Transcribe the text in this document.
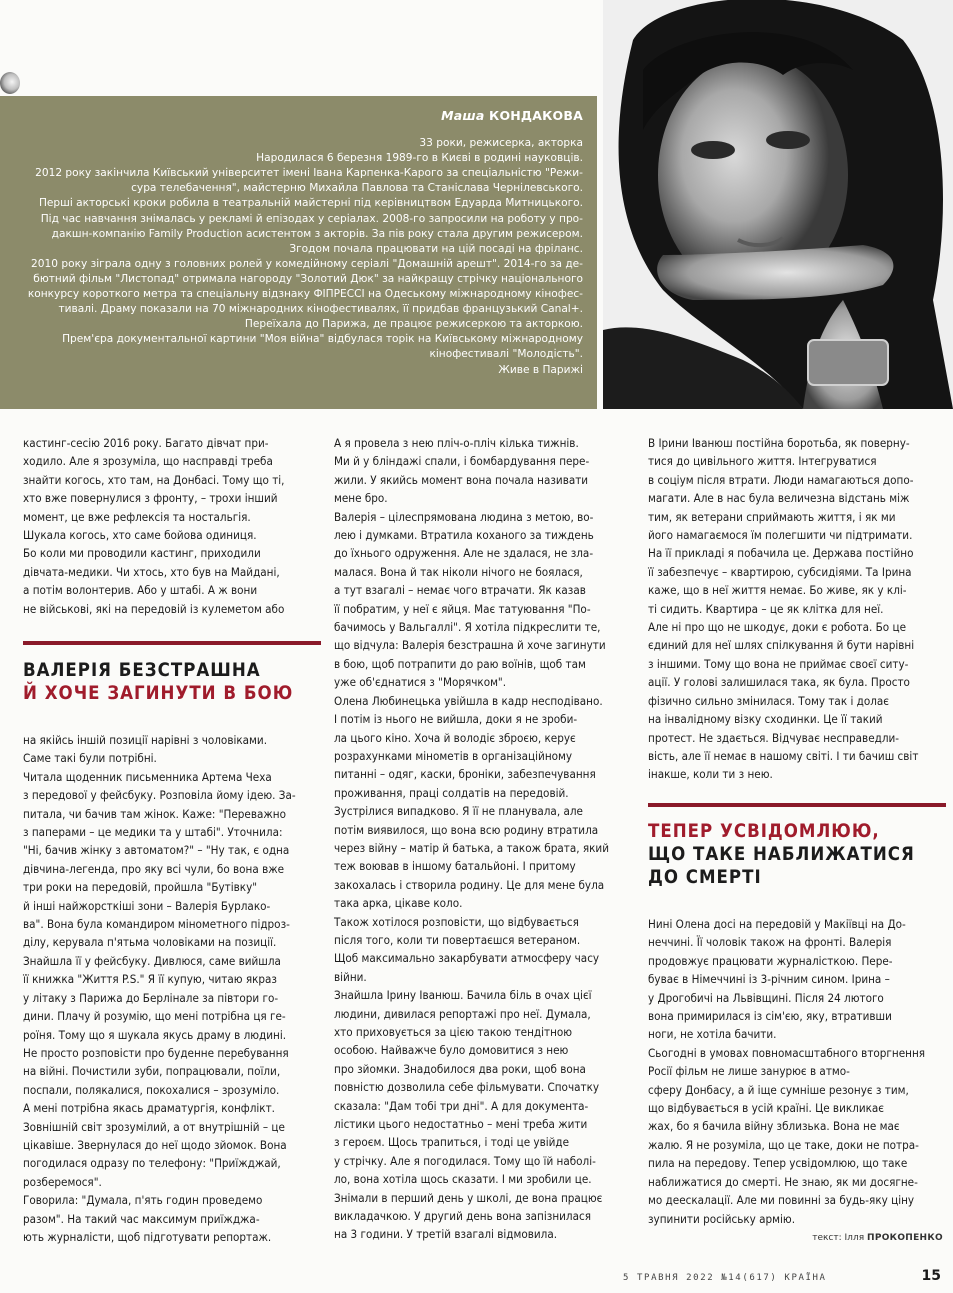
Маша КОНДАКОВА

33 роки, режисерка, акторка

Народилася 6 березня 1989-го в Києві в родині науковців.

2012 року закінчила Київський університет імені Івана Карпенка-Карого за спеціальністю "Режи-

сура телебачення", майстерню Михайла Павлова та Станіслава Чернілевського.

Перші акторські кроки робила в театральній майстерні під керівництвом Едуарда Митницького.

Під час навчання знімалась у рекламі й епізодах у серіалах. 2008-го запросили на роботу у про-

дакшн-компанію Family Production асистентом з акторів. За пів року стала другим режисером.

Згодом почала працювати на цій посаді на фріланс.

2010 року зіграла одну з головних ролей у комедійному серіалі "Домашній арешт". 2014-го за де-

бютний фільм "Листопад" отримала нагороду "Золотий Дюк" за найкращу стрічку національного

конкурсу короткого метра та спеціальну відзнаку ФІПРЕССІ на Одеському міжнародному кінофес-

тивалі. Драму показали на 70 міжнародних кінофестивалях, її придбав французький Canal+.

Переїхала до Парижа, де працює режисеркою та акторкою.

Прем'єра документальної картини "Моя війна" відбулася торік на Київському міжнародному

кінофестивалі "Молодість".

Живе в Парижі

кастинг-сесію 2016 року. Багато дівчат при-

ходило. Але я зрозуміла, що насправді треба

знайти когось, хто там, на Донбасі. Тому що ті,

хто вже повернулися з фронту, – трохи інший

момент, це вже рефлексія та ностальгія.

Шукала когось, хто саме бойова одиниця.

Бо коли ми проводили кастинг, приходили

дівчата-медики. Чи хтось, хто був на Майдані,

а потім волонтерив. Або у штабі. А ж вони

не військові, які на передовій із кулеметом або

ВАЛЕРІЯ БЕЗСТРАШНА
Й ХОЧЕ ЗАГИНУТИ В БОЮ

на якійсь іншій позиції нарівні з чоловіками.

Саме такі були потрібні.

Читала щоденник письменника Артема Чеха

з передової у фейсбуку. Розповіла йому ідею. За-

питала, чи бачив там жінок. Каже: "Переважно

з паперами – це медики та у штабі". Уточнила:

"Ні, бачив жінку з автоматом?" – "Ну так, є одна

дівчина-легенда, про яку всі чули, бо вона вже

три роки на передовій, пройшла "Бутівку"

й інші найжорсткіші зони – Валерія Бурлако-

ва". Вона була командиром мінометного підроз-

ділу, керувала п'ятьма чоловіками на позиції.

Знайшла її у фейсбуку. Дивлюся, саме вийшла

її книжка "Життя P.S." Я її купую, читаю якраз

у літаку з Парижа до Берлінале за півтори го-

дини. Плачу й розумію, що мені потрібна ця ге-

роїня. Тому що я шукала якусь драму в людині.

Не просто розповісти про буденне перебування

на війні. Почистили зуби, попрацювали, поїли,

поспали, полякалися, покохалися – зрозуміло.

А мені потрібна якась драматургія, конфлікт.

Зовнішній світ зрозумілий, а от внутрішній – це

цікавіше. Звернулася до неї щодо зйомок. Вона

погодилася одразу по телефону: "Приїжджай,

розберемося".

Говорила: "Думала, п'ять годин проведемо

разом". На такий час максимум приїжджа-

ють журналісти, щоб підготувати репортаж.

А я провела з нею пліч-о-пліч кілька тижнів.

Ми й у бліндажі спали, і бомбардування пере-

жили. У якийсь момент вона почала називати

мене бро.

Валерія – цілеспрямована людина з метою, во-

лею і думками. Втратила коханого за тиждень

до їхнього одруження. Але не здалася, не зла-

малася. Вона й так ніколи нічого не боялася,

а тут взагалі – немає чого втрачати. Як казав

її побратим, у неї є яйця. Має татуювання "По-

бачимось у Вальгаллі". Я хотіла підкреслити те,

що відчула: Валерія безстрашна й хоче загинути

в бою, щоб потрапити до раю воїнів, щоб там

уже об'єднатися з "Морячком".

Олена Любинецька увійшла в кадр несподівано.

І потім із нього не вийшла, доки я не зроби-

ла цього кіно. Хоча й володіє зброєю, керує

розрахунками мінометів в організаційному

питанні – одяг, каски, броніки, забезпечування

проживання, праці солдатів на передовій.

Зустрілися випадково. Я її не планувала, але

потім виявилося, що вона всю родину втратила

через війну – матір й батька, а також брата, який

теж воював в іншому батальйоні. І притому

закохалась і створила родину. Це для мене була

така арка, цікаве коло.

Також хотілося розповісти, що відбувається

після того, коли ти повертаєшся ветераном.

Щоб максимально закарбувати атмосферу часу

війни.

Знайшла Ірину Іванюш. Бачила біль в очах цієї

людини, дивилася репортажі про неї. Думала,

хто приховується за цією такою тендітною

особою. Найважче було домовитися з нею

про зйомки. Знадобилося два роки, щоб вона

повністю дозволила себе фільмувати. Спочатку

сказала: "Дам тобі три дні". А для документа-

лістики цього недостатньо – мені треба жити

з героєм. Щось трапиться, і тоді це увійде

у стрічку. Але я погодилася. Тому що їй наболі-

ло, вона хотіла щось сказати. І ми зробили це.

Знімали в перший день у школі, де вона працює

викладачкою. У другий день вона запізнилася

на 3 години. У третій взагалі відмовила.

В Ірини Іванюш постійна боротьба, як поверну-

тися до цивільного життя. Інтегруватися

в соціум після втрати. Люди намагаються допо-

магати. Але в нас була величезна відстань між

тим, як ветерани сприймають життя, і як ми

його намагаємося їм полегшити чи підтримати.

На її прикладі я побачила це. Держава постійно

її забезпечує – квартирою, субсидіями. Та Ірина

каже, що в неї життя немає. Бо живе, як у клі-

ті сидить. Квартира – це як клітка для неї.

Але ні про що не шкодує, доки є робота. Бо це

єдиний для неї шлях спілкування й бути нарівні

з іншими. Тому що вона не приймає своєї ситу-

ації. У голові залишилася така, як була. Просто

фізично сильно змінилася. Тому так і долає

на інвалідному візку сходинки. Це її такий

протест. Не здається. Відчуває несправедли-

вість, але її немає в нашому світі. І ти бачиш світ

інакше, коли ти з нею.

ТЕПЕР УСВІДОМЛЮЮ,
ЩО ТАКЕ НАБЛИЖАТИСЯ
ДО СМЕРТІ

Нині Олена досі на передовій у Макіївці на До-

неччині. Її чоловік також на фронті. Валерія

продовжує працювати журналісткою. Пере-

буває в Німеччині із 3-річним сином. Ірина –

у Дрогобичі на Львівщині. Після 24 лютого

вона примирилася із сім'єю, яку, втративши

ноги, не хотіла бачити.

Сьогодні в умовах повномасштабного вторгнення

Росії фільм не лише занурює в атмо-

сферу Донбасу, а й іще сумніше резонує з тим,

що відбувається в усій країні. Це викликає

жах, бо я бачила війну зблизька. Вона не має

жалю. Я не розуміла, що це таке, доки не потра-

пила на передову. Тепер усвідомлюю, що таке

наближатися до смерті. Не знаю, як ми досягне-

мо деескалації. Але ми повинні за будь-яку ціну

зупинити російську армію.

текст: Ілля ПРОКОПЕНКО
5 ТРАВНЯ 2022 №14(617) КРАЇНА	15
